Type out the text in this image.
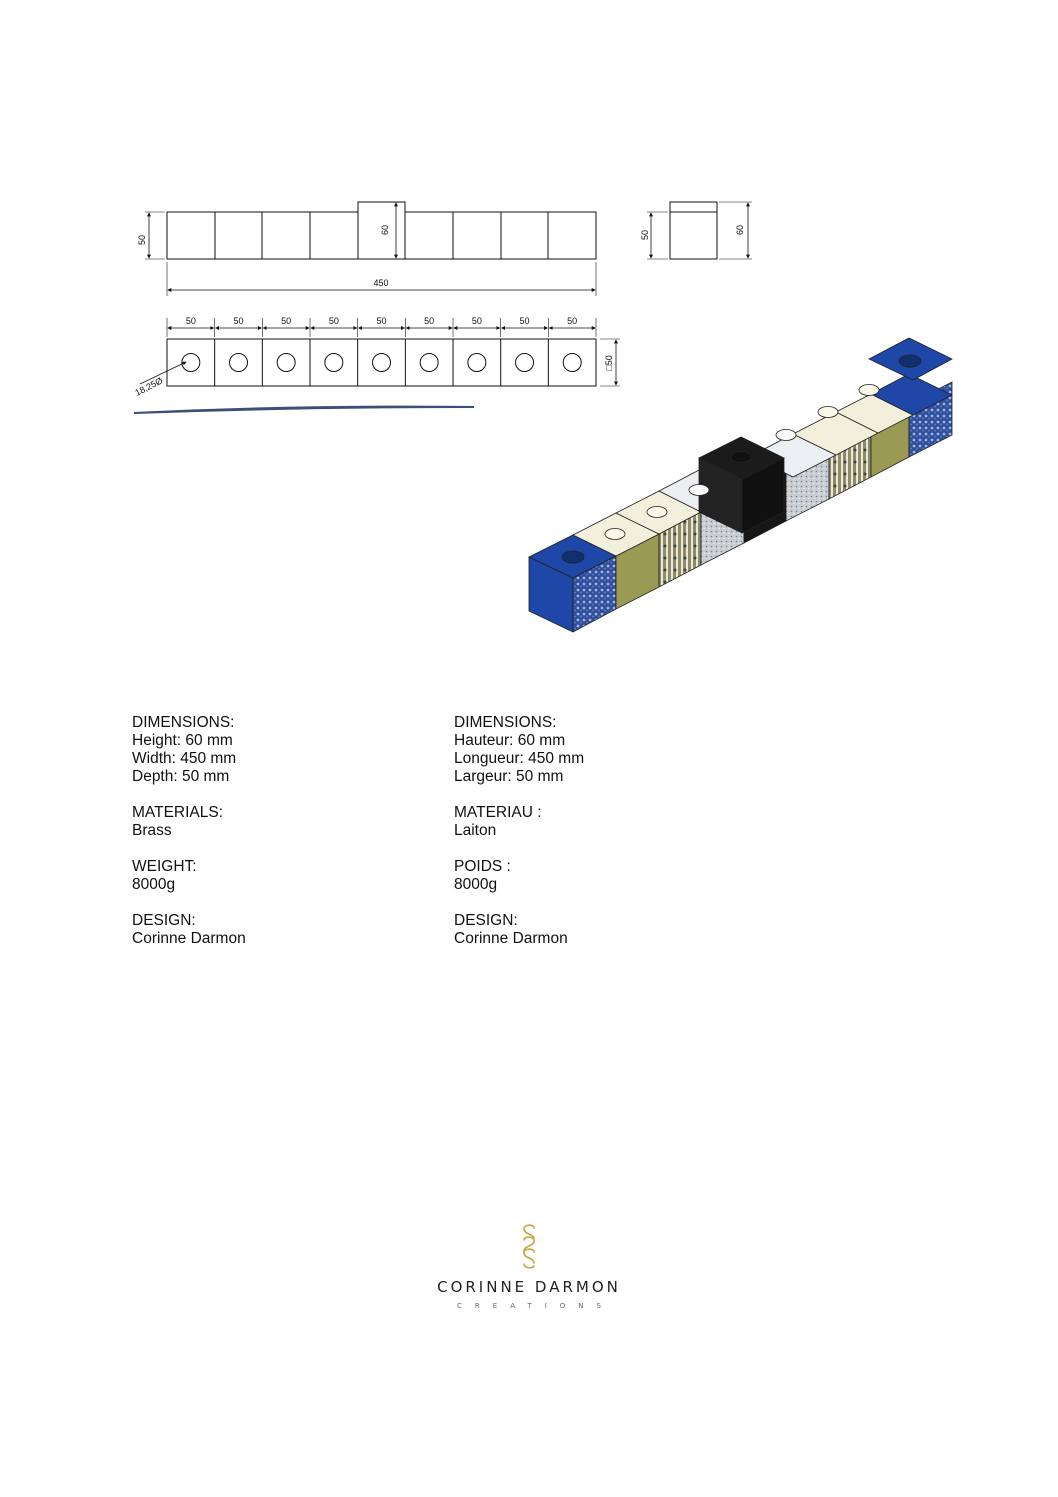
50
60
450
50	60
50	50	50	50	50	50	50	50	50
□50
18,25Ø
DIMENSIONS:
Height: 60 mm
Width: 450 mm
Depth: 50 mm
MATERIALS:
Brass
WEIGHT:
8000g
DESIGN:
Corinne Darmon
DIMENSIONS:
Hauteur: 60 mm
Longueur: 450 mm
Largeur: 50 mm
MATERIAU :
Laiton
POIDS :
8000g
DESIGN:
Corinne Darmon
CORINNE DARMON
CREATIONS
